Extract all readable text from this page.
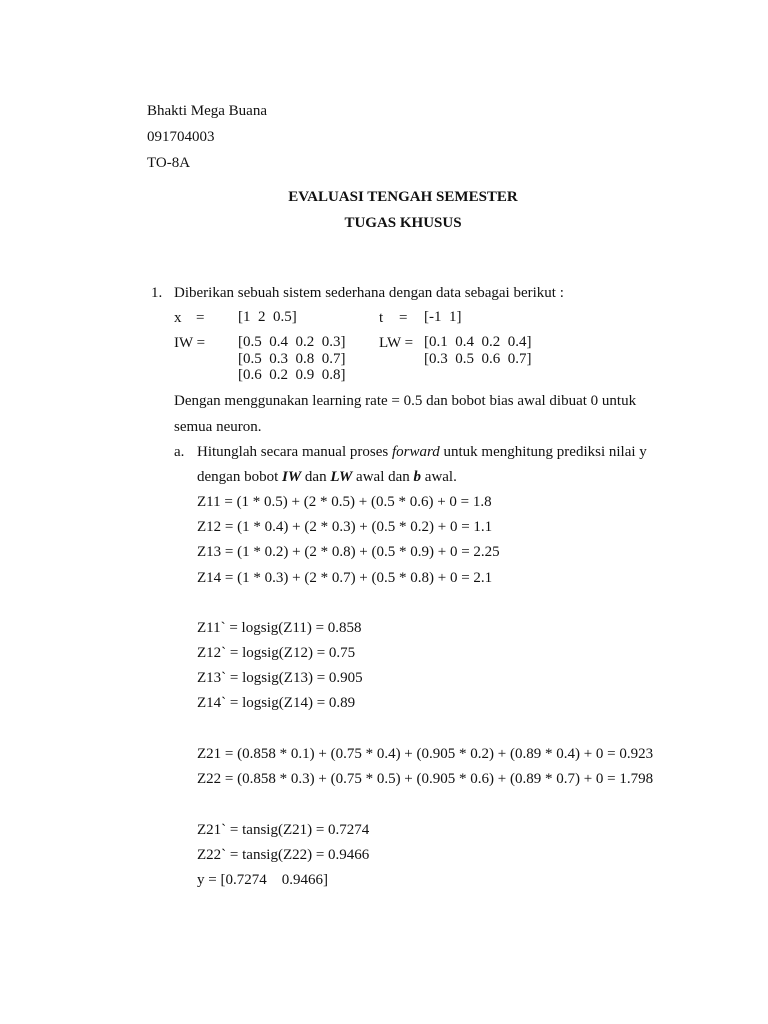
Bhakti Mega Buana
091704003
TO-8A
EVALUASI TENGAH SEMESTER
TUGAS KHUSUS
1. Diberikan sebuah sistem sederhana dengan data sebagai berikut :
x = [1  2  0.5]	t = [-1  1]
IW = [0.5  0.4  0.2  0.3]
[0.5  0.3  0.8  0.7]
[0.6  0.2  0.9  0.8]
LW = [0.1  0.4  0.2  0.4]
[0.3  0.5  0.6  0.7]
Dengan menggunakan learning rate = 0.5 dan bobot bias awal dibuat 0 untuk
semua neuron.
a. Hitunglah secara manual proses forward untuk menghitung prediksi nilai y
dengan bobot IW dan LW awal dan b awal.
Z11 = (1 * 0.5) + (2 * 0.5) + (0.5 * 0.6) + 0 = 1.8
Z12 = (1 * 0.4) + (2 * 0.3) + (0.5 * 0.2) + 0 = 1.1
Z13 = (1 * 0.2) + (2 * 0.8) + (0.5 * 0.9) + 0 = 2.25
Z14 = (1 * 0.3) + (2 * 0.7) + (0.5 * 0.8) + 0 = 2.1
Z11` = logsig(Z11) = 0.858
Z12` = logsig(Z12) = 0.75
Z13` = logsig(Z13) = 0.905
Z14` = logsig(Z14) = 0.89
Z21 = (0.858 * 0.1) + (0.75 * 0.4) + (0.905 * 0.2) + (0.89 * 0.4) + 0 = 0.923
Z22 = (0.858 * 0.3) + (0.75 * 0.5) + (0.905 * 0.6) + (0.89 * 0.7) + 0 = 1.798
Z21` = tansig(Z21) = 0.7274
Z22` = tansig(Z22) = 0.9466
y = [0.7274    0.9466]
